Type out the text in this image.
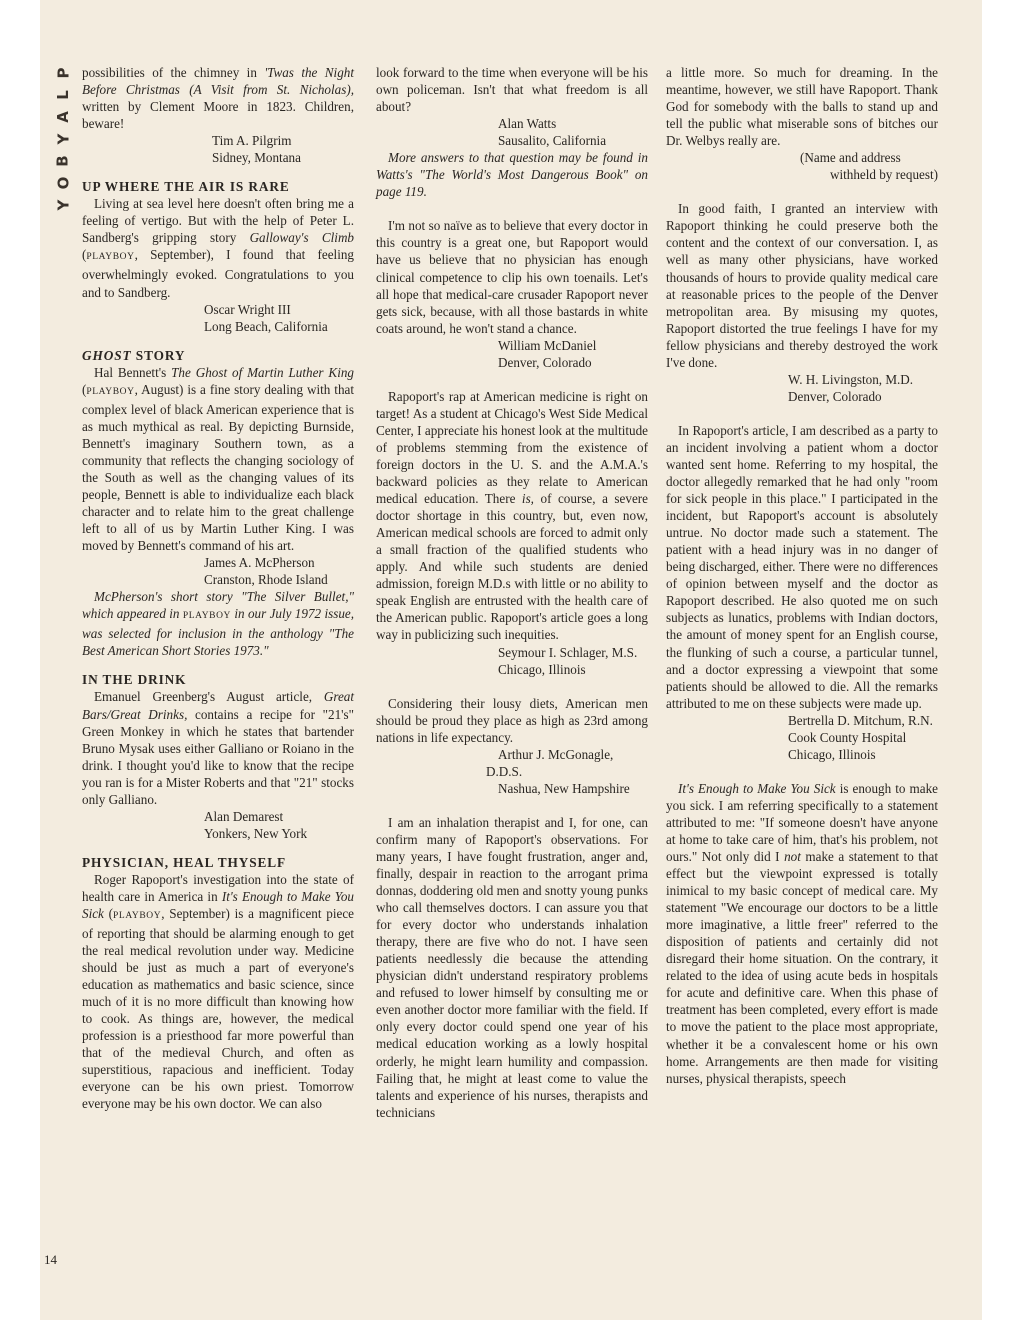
P
L
A
Y
B
O
Y
14

possibilities of the chimney in 'Twas the Night Before Christmas (A Visit from St. Nicholas), written by Clement Moore in 1823. Children, beware!

Tim A. Pilgrim

Sidney, Montana

UP WHERE THE AIR IS RARE

Living at sea level here doesn't often bring me a feeling of vertigo. But with the help of Peter L. Sandberg's gripping story Galloway's Climb (PLAYBOY, September), I found that feeling overwhelmingly evoked. Congratulations to you and to Sandberg.

Oscar Wright III

Long Beach, California

GHOST STORY

Hal Bennett's The Ghost of Martin Luther King (PLAYBOY, August) is a fine story dealing with that complex level of black American experience that is as much mythical as real. By depicting Burnside, Bennett's imaginary Southern town, as a community that reflects the changing sociology of the South as well as the changing values of its people, Bennett is able to individualize each black character and to relate him to the great challenge left to all of us by Martin Luther King. I was moved by Bennett's command of his art.

James A. McPherson

Cranston, Rhode Island

McPherson's short story "The Silver Bullet," which appeared in PLAYBOY in our July 1972 issue, was selected for inclusion in the anthology "The Best American Short Stories 1973."

IN THE DRINK

Emanuel Greenberg's August article, Great Bars/Great Drinks, contains a recipe for "21's" Green Monkey in which he states that bartender Bruno Mysak uses either Galliano or Roiano in the drink. I thought you'd like to know that the recipe you ran is for a Mister Roberts and that "21" stocks only Galliano.

Alan Demarest

Yonkers, New York

PHYSICIAN, HEAL THYSELF

Roger Rapoport's investigation into the state of health care in America in It's Enough to Make You Sick (PLAYBOY, September) is a magnificent piece of reporting that should be alarming enough to get the real medical revolution under way. Medicine should be just as much a part of everyone's education as mathematics and basic science, since much of it is no more difficult than knowing how to cook. As things are, however, the medical profession is a priesthood far more powerful than that of the medieval Church, and often as superstitious, rapacious and inefficient. Today everyone can be his own priest. Tomorrow everyone may be his own doctor. We can also

look forward to the time when everyone will be his own policeman. Isn't that what freedom is all about?

Alan Watts

Sausalito, California

More answers to that question may be found in Watts's "The World's Most Dangerous Book" on page 119.

I'm not so naïve as to believe that every doctor in this country is a great one, but Rapoport would have us believe that no physician has enough clinical competence to clip his own toenails. Let's all hope that medical-care crusader Rapoport never gets sick, because, with all those bastards in white coats around, he won't stand a chance.

William McDaniel

Denver, Colorado

Rapoport's rap at American medicine is right on target! As a student at Chicago's West Side Medical Center, I appreciate his honest look at the multitude of problems stemming from the existence of foreign doctors in the U. S. and the A.M.A.'s backward policies as they relate to American medical education. There is, of course, a severe doctor shortage in this country, but, even now, American medical schools are forced to admit only a small fraction of the qualified students who apply. And while such students are denied admission, foreign M.D.s with little or no ability to speak English are entrusted with the health care of the American public. Rapoport's article goes a long way in publicizing such inequities.

Seymour I. Schlager, M.S.

Chicago, Illinois

Considering their lousy diets, American men should be proud they place as high as 23rd among nations in life expectancy.

Arthur J. McGonagle, D.D.S.

Nashua, New Hampshire

I am an inhalation therapist and I, for one, can confirm many of Rapoport's observations. For many years, I have fought frustration, anger and, finally, despair in reaction to the arrogant prima donnas, doddering old men and snotty young punks who call themselves doctors. I can assure you that for every doctor who understands inhalation therapy, there are five who do not. I have seen patients needlessly die because the attending physician didn't understand respiratory problems and refused to lower himself by consulting me or even another doctor more familiar with the field. If only every doctor could spend one year of his medical education working as a lowly hospital orderly, he might learn humility and compassion. Failing that, he might at least come to value the talents and experience of his nurses, therapists and technicians

a little more. So much for dreaming. In the meantime, however, we still have Rapoport. Thank God for somebody with the balls to stand up and tell the public what miserable sons of bitches our Dr. Welbys really are.

(Name and address

withheld by request)

In good faith, I granted an interview with Rapoport thinking he could preserve both the content and the context of our conversation. I, as well as many other physicians, have worked thousands of hours to provide quality medical care at reasonable prices to the people of the Denver metropolitan area. By misusing my quotes, Rapoport distorted the true feelings I have for my fellow physicians and thereby destroyed the work I've done.

W. H. Livingston, M.D.

Denver, Colorado

In Rapoport's article, I am described as a party to an incident involving a patient whom a doctor wanted sent home. Referring to my hospital, the doctor allegedly remarked that he had only "room for sick people in this place." I participated in the incident, but Rapoport's account is absolutely untrue. No doctor made such a statement. The patient with a head injury was in no danger of being discharged, either. There were no differences of opinion between myself and the doctor as Rapoport described. He also quoted me on such subjects as lunatics, problems with Indian doctors, the amount of money spent for an English course, the flunking of such a course, a particular tunnel, and a doctor expressing a viewpoint that some patients should be allowed to die. All the remarks attributed to me on these subjects were made up.

Bertrella D. Mitchum, R.N.

Cook County Hospital

Chicago, Illinois

It's Enough to Make You Sick is enough to make you sick. I am referring specifically to a statement attributed to me: "If someone doesn't have anyone at home to take care of him, that's his problem, not ours." Not only did I not make a statement to that effect but the viewpoint expressed is totally inimical to my basic concept of medical care. My statement "We encourage our doctors to be a little more imaginative, a little freer" referred to the disposition of patients and certainly did not disregard their home situation. On the contrary, it related to the idea of using acute beds in hospitals for acute and definitive care. When this phase of treatment has been completed, every effort is made to move the patient to the place most appropriate, whether it be a convalescent home or his own home. Arrangements are then made for visiting nurses, physical therapists, speech
